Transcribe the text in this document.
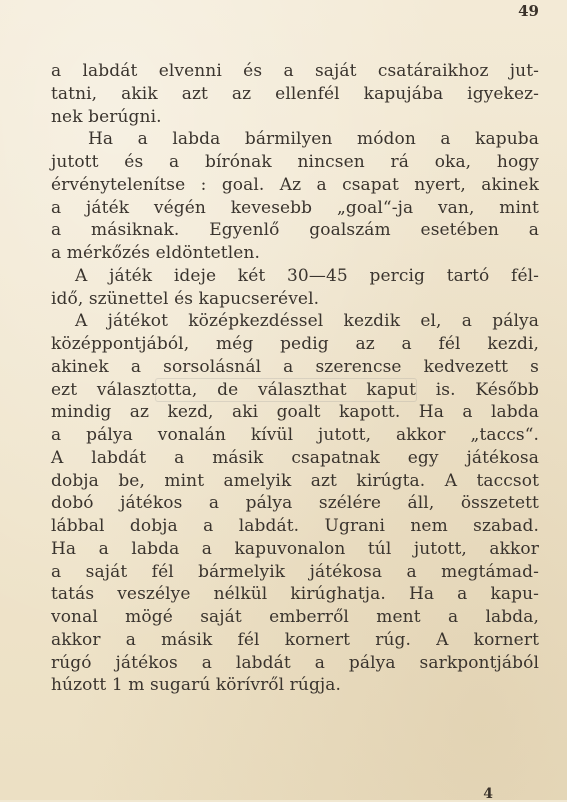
49
a labdát elvenni és a saját csatáraikhoz jut-
tatni, akik azt az ellenfél kapujába igyekez-
nek berúgni.
Ha a labda bármilyen módon a kapuba
jutott és a bírónak nincsen rá oka, hogy
érvénytelenítse : goal. Az a csapat nyert, akinek
a játék végén kevesebb „goal“-ja van, mint
a másiknak. Egyenlő goalszám esetében a
a mérkőzés eldöntetlen.
A játék ideje két 30—45 percig tartó fél-
idő, szünettel és kapucserével.
A játékot középkezdéssel kezdik el, a pálya
középpontjából, még pedig az a fél kezdi,
akinek a sorsolásnál a szerencse kedvezett s
ezt választotta, de választhat kaput is. Később
mindig az kezd, aki goalt kapott. Ha a labda
a pálya vonalán kívül jutott, akkor „taccs“.
A labdát a másik csapatnak egy játékosa
dobja be, mint amelyik azt kirúgta. A taccsot
dobó játékos a pálya szélére áll, összetett
lábbal dobja a labdát. Ugrani nem szabad.
Ha a labda a kapuvonalon túl jutott, akkor
a saját fél bármelyik játékosa a megtámad-
tatás veszélye nélkül kirúghatja. Ha a kapu-
vonal mögé saját emberről ment a labda,
akkor a másik fél kornert rúg. A kornert
rúgó játékos a labdát a pálya sarkpontjából
húzott 1 m sugarú körívről rúgja.
4
